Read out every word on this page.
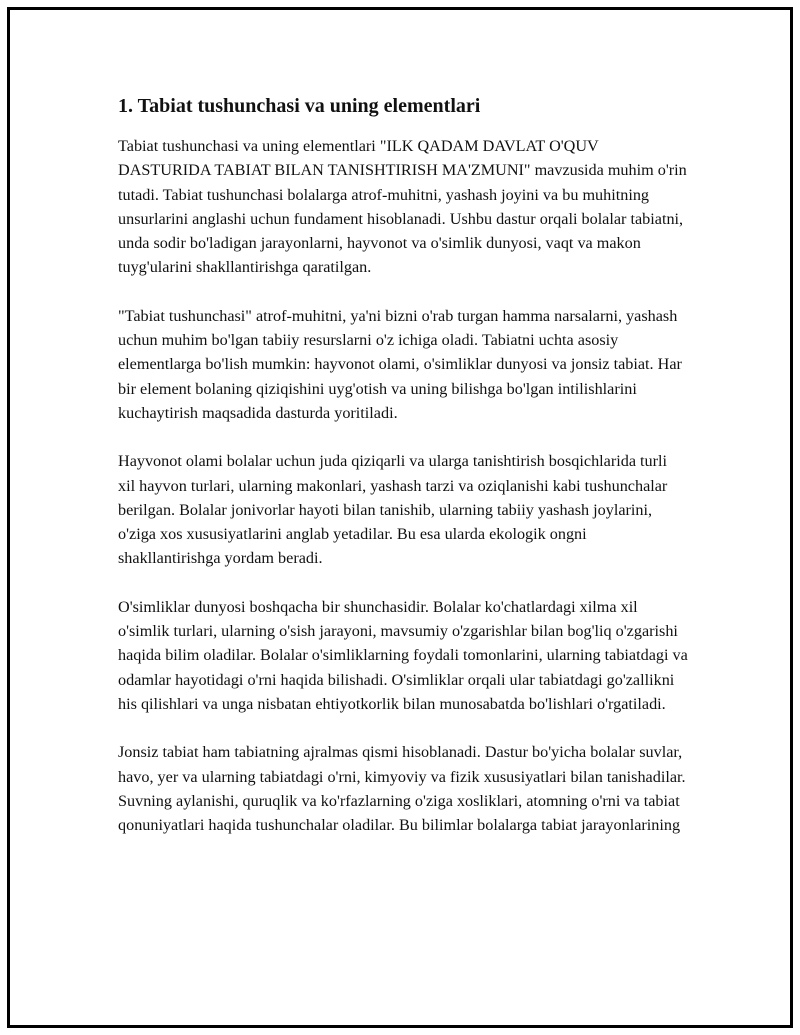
1. Tabiat tushunchasi va uning elementlari

Tabiat tushunchasi va uning elementlari "ILK QADAM DAVLAT O'QUV DASTURIDA TABIAT BILAN TANISHTIRISH MA'ZMUNI" mavzusida muhim o'rin tutadi. Tabiat tushunchasi bolalarga atrof-muhitni, yashash joyini va bu muhitning unsurlarini anglashi uchun fundament hisoblanadi. Ushbu dastur orqali bolalar tabiatni, unda sodir bo'ladigan jarayonlarni, hayvonot va o'simlik dunyosi, vaqt va makon tuyg'ularini shakllantirishga qaratilgan.

"Tabiat tushunchasi" atrof-muhitni, ya'ni bizni o'rab turgan hamma narsalarni, yashash uchun muhim bo'lgan tabiiy resurslarni o'z ichiga oladi. Tabiatni uchta asosiy elementlarga bo'lish mumkin: hayvonot olami, o'simliklar dunyosi va jonsiz tabiat. Har bir element bolaning qiziqishini uyg'otish va uning bilishga bo'lgan intilishlarini kuchaytirish maqsadida dasturda yoritiladi.

Hayvonot olami bolalar uchun juda qiziqarli va ularga tanishtirish bosqichlarida turli xil hayvon turlari, ularning makonlari, yashash tarzi va oziqlanishi kabi tushunchalar berilgan. Bolalar jonivorlar hayoti bilan tanishib, ularning tabiiy yashash joylarini, o'ziga xos xususiyatlarini anglab yetadilar. Bu esa ularda ekologik ongni shakllantirishga yordam beradi.

O'simliklar dunyosi boshqacha bir shunchasidir. Bolalar ko'chatlardagi xilma xil o'simlik turlari, ularning o'sish jarayoni, mavsumiy o'zgarishlar bilan bog'liq o'zgarishi haqida bilim oladilar. Bolalar o'simliklarning foydali tomonlarini, ularning tabiatdagi va odamlar hayotidagi o'rni haqida bilishadi. O'simliklar orqali ular tabiatdagi go'zallikni his qilishlari va unga nisbatan ehtiyotkorlik bilan munosabatda bo'lishlari o'rgatiladi.

Jonsiz tabiat ham tabiatning ajralmas qismi hisoblanadi. Dastur bo'yicha bolalar suvlar, havo, yer va ularning tabiatdagi o'rni, kimyoviy va fizik xususiyatlari bilan tanishadilar. Suvning aylanishi, quruqlik va ko'rfazlarning o'ziga xosliklari, atomning o'rni va tabiat qonuniyatlari haqida tushunchalar oladilar. Bu bilimlar bolalarga tabiat jarayonlarining
